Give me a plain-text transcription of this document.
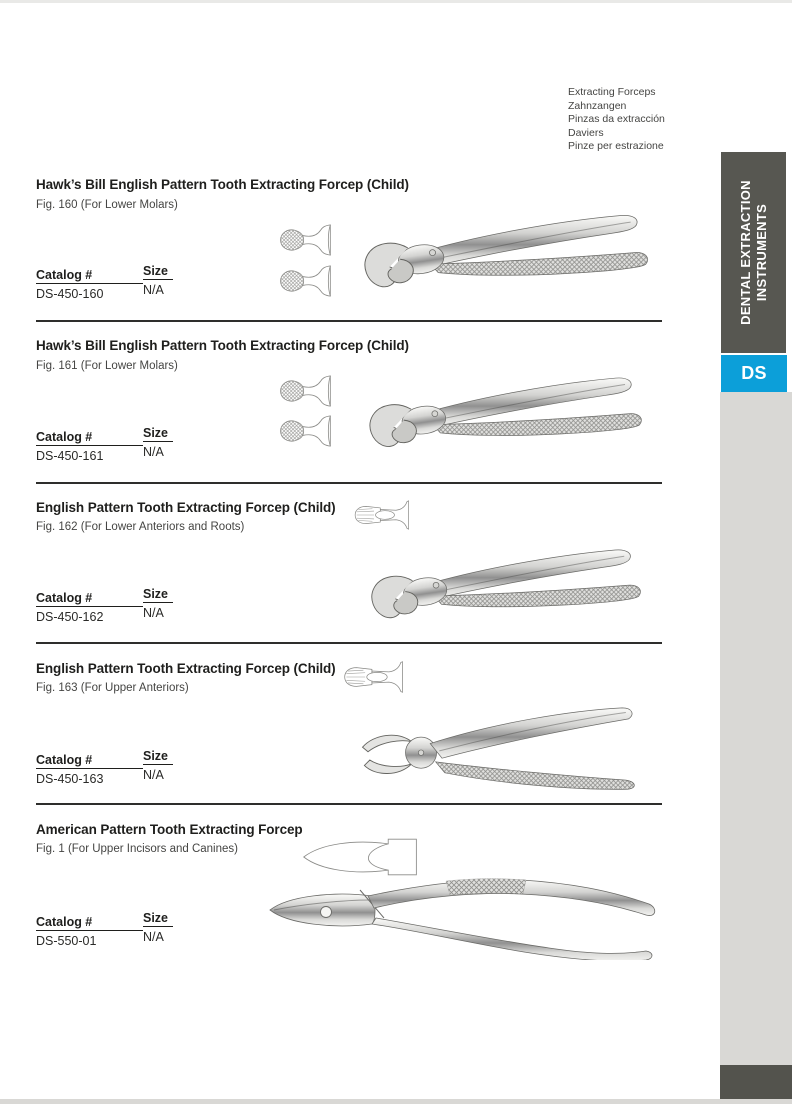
Extracting Forceps
Zahnzangen
Pinzas da extracción
Daviers
Pinze per estrazione
DENTAL EXTRACTION INSTRUMENTS
DS
Hawk’s Bill English Pattern Tooth Extracting Forcep (Child)
Fig. 160 (For Lower Molars)
Catalog #	Size
DS-450-160	N/A
Hawk’s Bill English Pattern Tooth Extracting Forcep (Child)
Fig. 161 (For Lower Molars)
Catalog #	Size
DS-450-161	N/A
English Pattern Tooth Extracting Forcep (Child)
Fig. 162 (For Lower Anteriors and Roots)
Catalog #	Size
DS-450-162	N/A
English Pattern Tooth Extracting Forcep (Child)
Fig. 163 (For Upper Anteriors)
Catalog #	Size
DS-450-163	N/A
American Pattern Tooth Extracting Forcep
Fig. 1 (For Upper Incisors and Canines)
Catalog #	Size
DS-550-01	N/A
